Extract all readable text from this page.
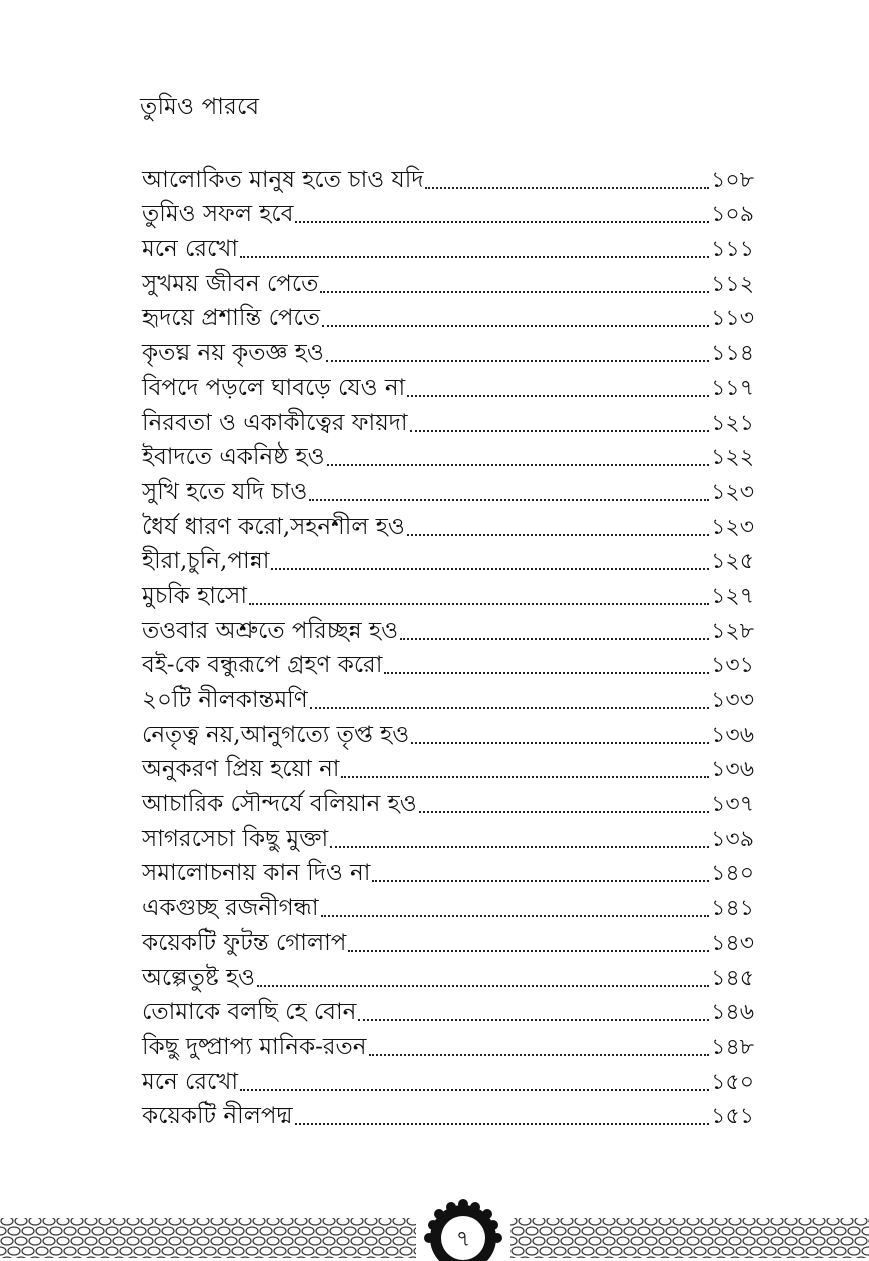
তুমিও পারবে
আলোকিত মানুষ হতে চাও যদি	১০৮
তুমিও সফল হবে	১০৯
মনে রেখো	১১১
সুখময় জীবন পেতে	১১২
হৃদয়ে প্রশান্তি পেতে	১১৩
কৃতঘ্ন নয় কৃতজ্ঞ হও	১১৪
বিপদে পড়লে ঘাবড়ে যেও না	১১৭
নিরবতা ও একাকীত্বের ফায়দা	১২১
ইবাদতে একনিষ্ঠ হও	১২২
সুখি হতে যদি চাও	১২৩
ধৈর্য ধারণ করো,সহনশীল হও	১২৩
হীরা,চুনি,পান্না	১২৫
মুচকি হাসো	১২৭
তওবার অশ্রুতে পরিচ্ছন্ন হও	১২৮
বই-কে বন্ধুরূপে গ্রহণ করো	১৩১
২০টি নীলকান্তমণি	১৩৩
নেতৃত্ব নয়,আনুগত্যে তৃপ্ত হও	১৩৬
অনুকরণ প্রিয় হয়ো না	১৩৬
আচারিক সৌন্দর্যে বলিয়ান হও	১৩৭
সাগরসেচা কিছু মুক্তা	১৩৯
সমালোচনায় কান দিও না	১৪০
একগুচ্ছ রজনীগন্ধা	১৪১
কয়েকটি ফুটন্ত গোলাপ	১৪৩
অল্পেতুষ্ট হও	১৪৫
তোমাকে বলছি হে বোন	১৪৬
কিছু দুষ্প্রাপ্য মানিক-রতন	১৪৮
মনে রেখো	১৫০
কয়েকটি নীলপদ্ম	১৫১
৭
